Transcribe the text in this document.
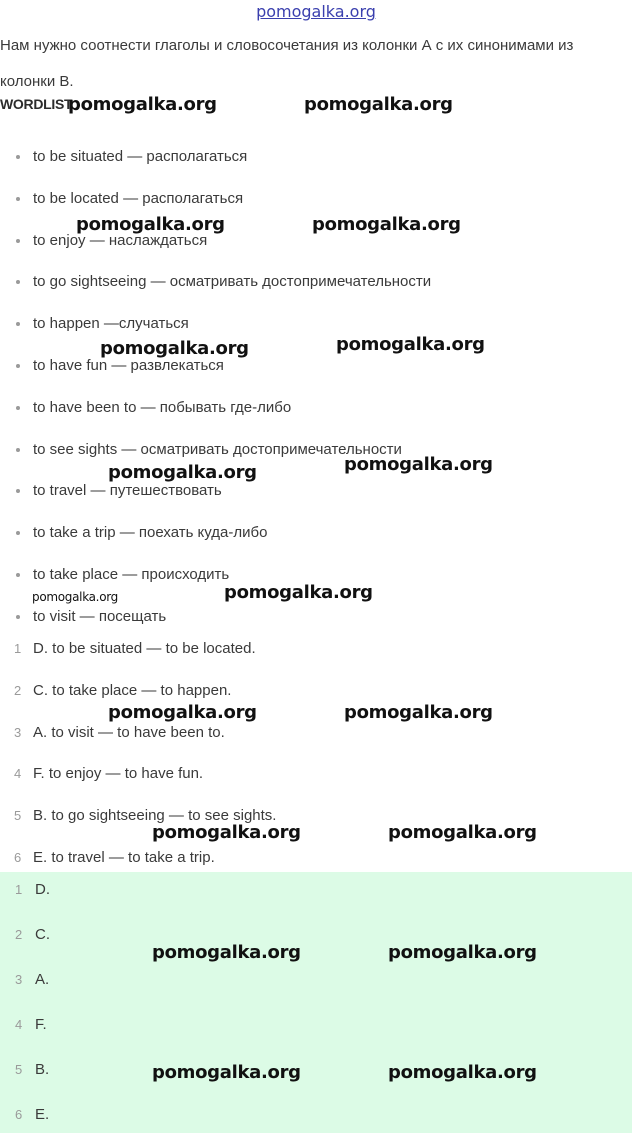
pomogalka.org
Нам нужно соотнести глаголы и словосочетания из колонки А с их синонимами из колонки В.
WORDLIST
to be situated — располагаться
to be located — располагаться
to enjoy — наслаждаться
to go sightseeing — осматривать достопримечательности
to happen —случаться
to have fun — развлекаться
to have been to — побывать где-либо
to see sights — осматривать достопримечательности
to travel — путешествовать
to take a trip — поехать куда-либо
to take place — происходить
to visit — посещать
1 D. to be situated — to be located.
2 C. to take place — to happen.
3 A. to visit — to have been to.
4 F. to enjoy — to have fun.
5 B. to go sightseeing — to see sights.
6 E. to travel — to take a trip.
1 D.
2 C.
3 A.
4 F.
5 B.
6 E.
pomogalka.org	pomogalka.org
pomogalka.org	pomogalka.org
pomogalka.org	pomogalka.org
pomogalka.org	pomogalka.org
pomogalka.org	pomogalka.org
pomogalka.org	pomogalka.org
pomogalka.org	pomogalka.org
pomogalka.org	pomogalka.org
pomogalka.org	pomogalka.org
